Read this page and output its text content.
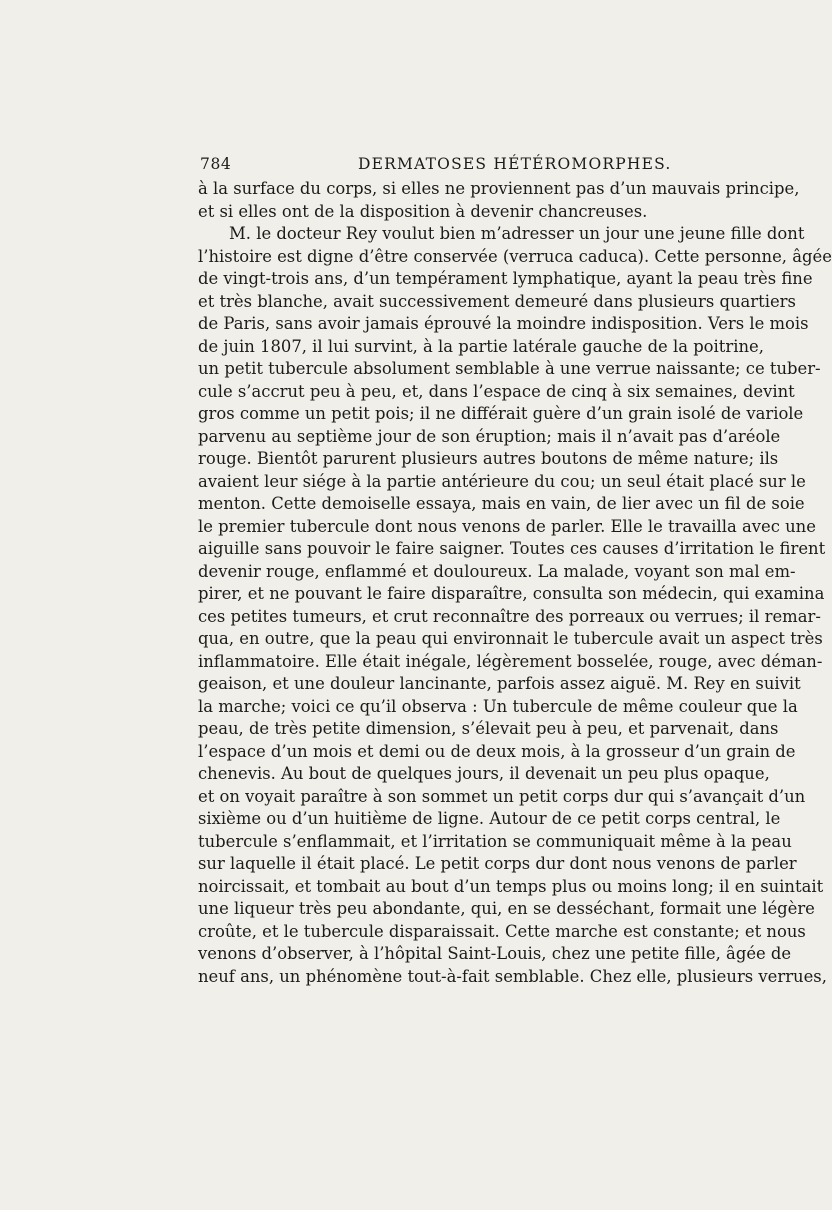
784	DERMATOSES HÉTÉROMORPHES.
à la surface du corps, si elles ne proviennent pas d’un mauvais principe,
et si elles ont de la disposition à devenir chancreuses.
M. le docteur Rey voulut bien m’adresser un jour une jeune fille dont
l’histoire est digne d’être conservée (verruca caduca). Cette personne, âgée
de vingt-trois ans, d’un tempérament lymphatique, ayant la peau très fine
et très blanche, avait successivement demeuré dans plusieurs quartiers
de Paris, sans avoir jamais éprouvé la moindre indisposition. Vers le mois
de juin 1807, il lui survint, à la partie latérale gauche de la poitrine,
un petit tubercule absolument semblable à une verrue naissante; ce tuber-
cule s’accrut peu à peu, et, dans l’espace de cinq à six semaines, devint
gros comme un petit pois; il ne différait guère d’un grain isolé de variole
parvenu au septième jour de son éruption; mais il n’avait pas d’aréole
rouge. Bientôt parurent plusieurs autres boutons de même nature; ils
avaient leur siége à la partie antérieure du cou; un seul était placé sur le
menton. Cette demoiselle essaya, mais en vain, de lier avec un fil de soie
le premier tubercule dont nous venons de parler. Elle le travailla avec une
aiguille sans pouvoir le faire saigner. Toutes ces causes d’irritation le firent
devenir rouge, enflammé et douloureux. La malade, voyant son mal em-
pirer, et ne pouvant le faire disparaître, consulta son médecin, qui examina
ces petites tumeurs, et crut reconnaître des porreaux ou verrues; il remar-
qua, en outre, que la peau qui environnait le tubercule avait un aspect très
inflammatoire. Elle était inégale, légèrement bosselée, rouge, avec déman-
geaison, et une douleur lancinante, parfois assez aiguë. M. Rey en suivit
la marche; voici ce qu’il observa : Un tubercule de même couleur que la
peau, de très petite dimension, s’élevait peu à peu, et parvenait, dans
l’espace d’un mois et demi ou de deux mois, à la grosseur d’un grain de
chenevis. Au bout de quelques jours, il devenait un peu plus opaque,
et on voyait paraître à son sommet un petit corps dur qui s’avançait d’un
sixième ou d’un huitième de ligne. Autour de ce petit corps central, le
tubercule s’enflammait, et l’irritation se communiquait même à la peau
sur laquelle il était placé. Le petit corps dur dont nous venons de parler
noircissait, et tombait au bout d’un temps plus ou moins long; il en suintait
une liqueur très peu abondante, qui, en se desséchant, formait une légère
croûte, et le tubercule disparaissait. Cette marche est constante; et nous
venons d’observer, à l’hôpital Saint-Louis, chez une petite fille, âgée de
neuf ans, un phénomène tout-à-fait semblable. Chez elle, plusieurs verrues,
